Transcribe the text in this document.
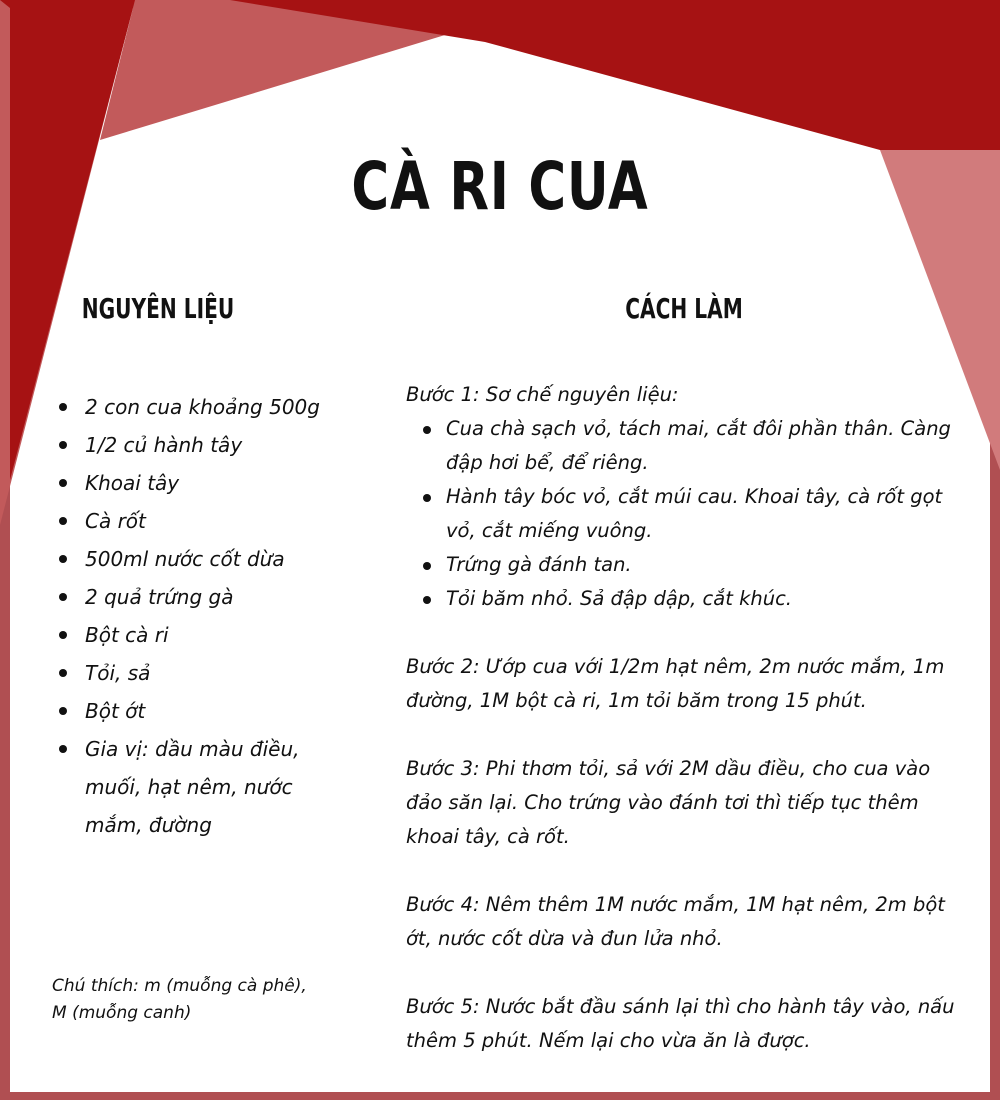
CÀ RI CUA
NGUYÊN LIỆU	CÁCH LÀM
2 con cua khoảng 500g
1/2 củ hành tây
Khoai tây
Cà rốt
500ml nước cốt dừa
2 quả trứng gà
Bột cà ri
Tỏi, sả
Bột ớt
Gia vị: dầu màu điều, muối, hạt nêm, nước mắm, đường
Chú thích: m (muỗng cà phê),
M (muỗng canh)

Bước 1: Sơ chế nguyên liệu:

Cua chà sạch vỏ, tách mai, cắt đôi phần thân. Càng đập hơi bể, để riêng.
Hành tây bóc vỏ, cắt múi cau. Khoai tây, cà rốt gọt vỏ, cắt miếng vuông.
Trứng gà đánh tan.
Tỏi băm nhỏ. Sả đập dập, cắt khúc.

Bước 2: Ướp cua với 1/2m hạt nêm, 2m nước mắm, 1m đường, 1M bột cà ri, 1m tỏi băm trong 15 phút.

Bước 3: Phi thơm tỏi, sả với 2M dầu điều, cho cua vào đảo săn lại. Cho trứng vào đánh tơi thì tiếp tục thêm khoai tây, cà rốt.

Bước 4: Nêm thêm 1M nước mắm, 1M hạt nêm, 2m bột ớt, nước cốt dừa và đun lửa nhỏ.

Bước 5: Nước bắt đầu sánh lại thì cho hành tây vào, nấu thêm 5 phút. Nếm lại cho vừa ăn là được.
